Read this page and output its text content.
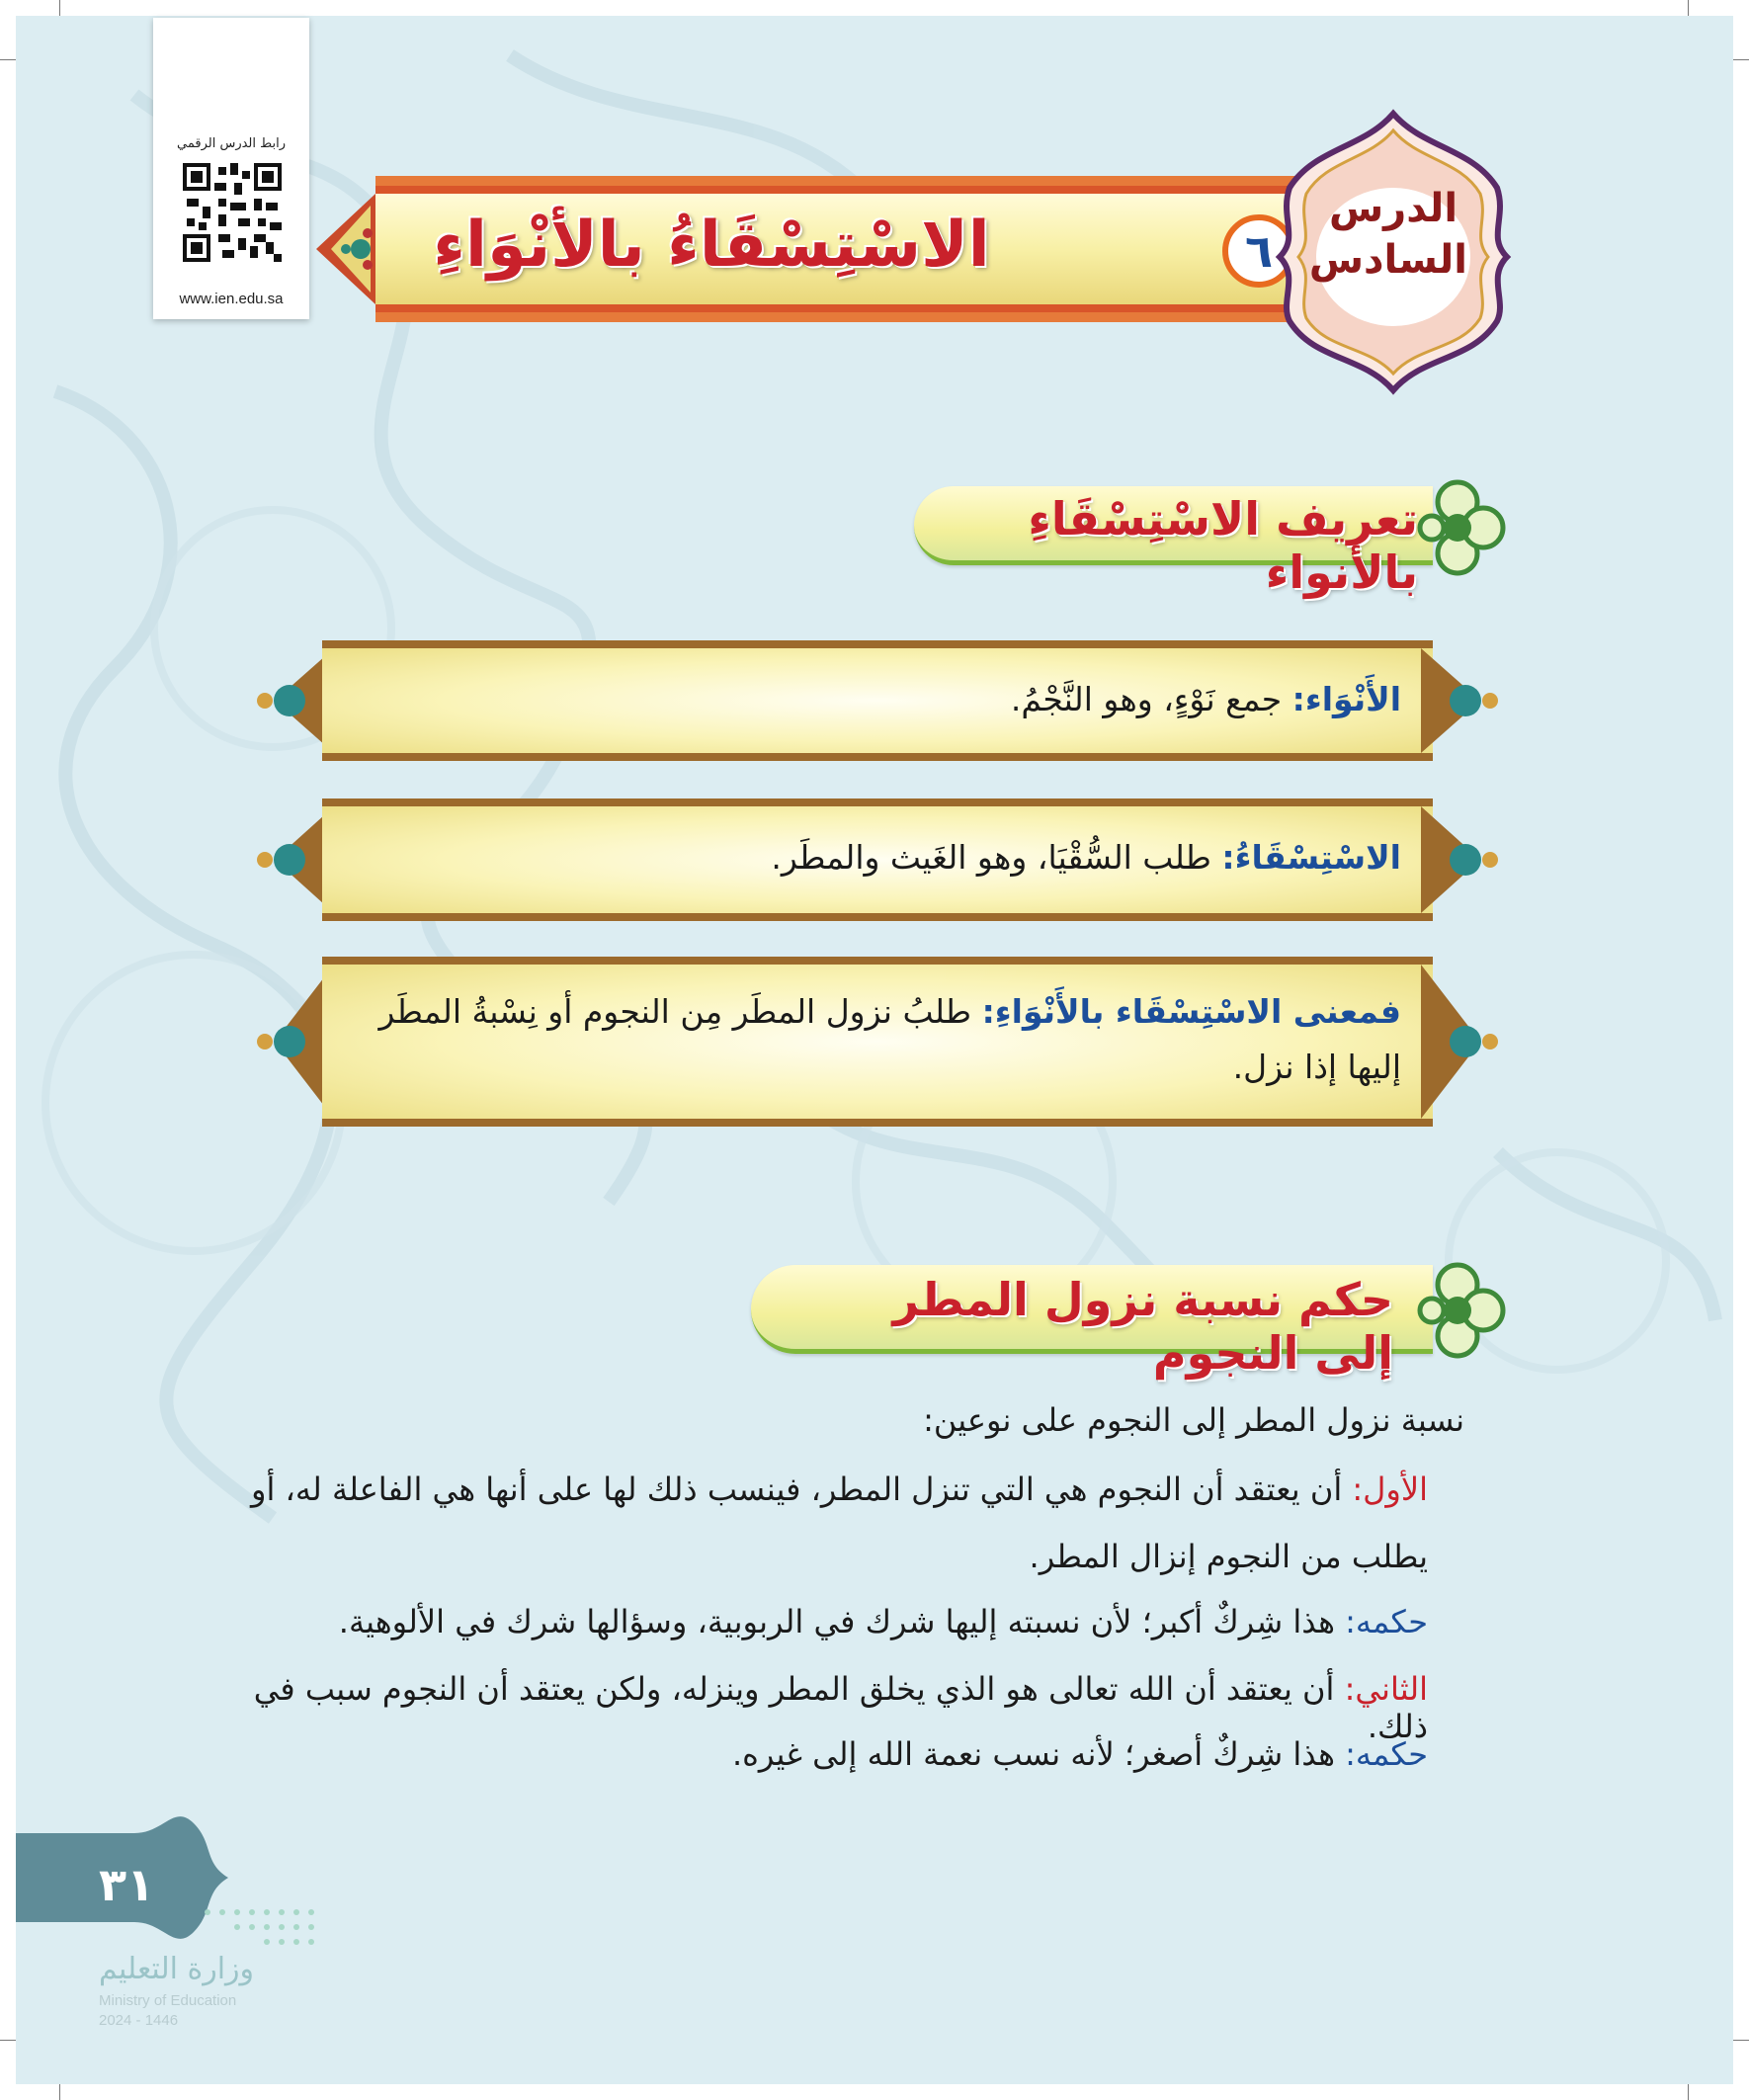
رابط الدرس الرقمي
www.ien.edu.sa
الاسْتِسْقَاءُ بالأنْوَاءِ	٦
الدرس
السادس
تعريف الاسْتِسْقَاءِ بالأنواء
الأَنْوَاء: جمع نَوْءٍ، وهو النَّجْمُ.
الاسْتِسْقَاءُ: طلب السُّقْيَا، وهو الغَيث والمطَر.
فمعنى الاسْتِسْقَاء بالأَنْوَاءِ: طلبُ نزول المطَر مِن النجوم أو نِسْبةُ المطَر إليها إذا نزل.
حكم نسبة نزول المطر إلى النجوم
نسبة نزول المطر إلى النجوم على نوعين:
الأول: أن يعتقد أن النجوم هي التي تنزل المطر، فينسب ذلك لها على أنها هي الفاعلة له، أو
يطلب من النجوم إنزال المطر.
حكمه: هذا شِركٌ أكبر؛ لأن نسبته إليها شرك في الربوبية، وسؤالها شرك في الألوهية.
الثاني: أن يعتقد أن الله تعالى هو الذي يخلق المطر وينزله، ولكن يعتقد أن النجوم سبب في ذلك.
حكمه: هذا شِركٌ أصغر؛ لأنه نسب نعمة الله إلى غيره.
٣١
وزارة التعليم
Ministry of Education
2024 - 1446
